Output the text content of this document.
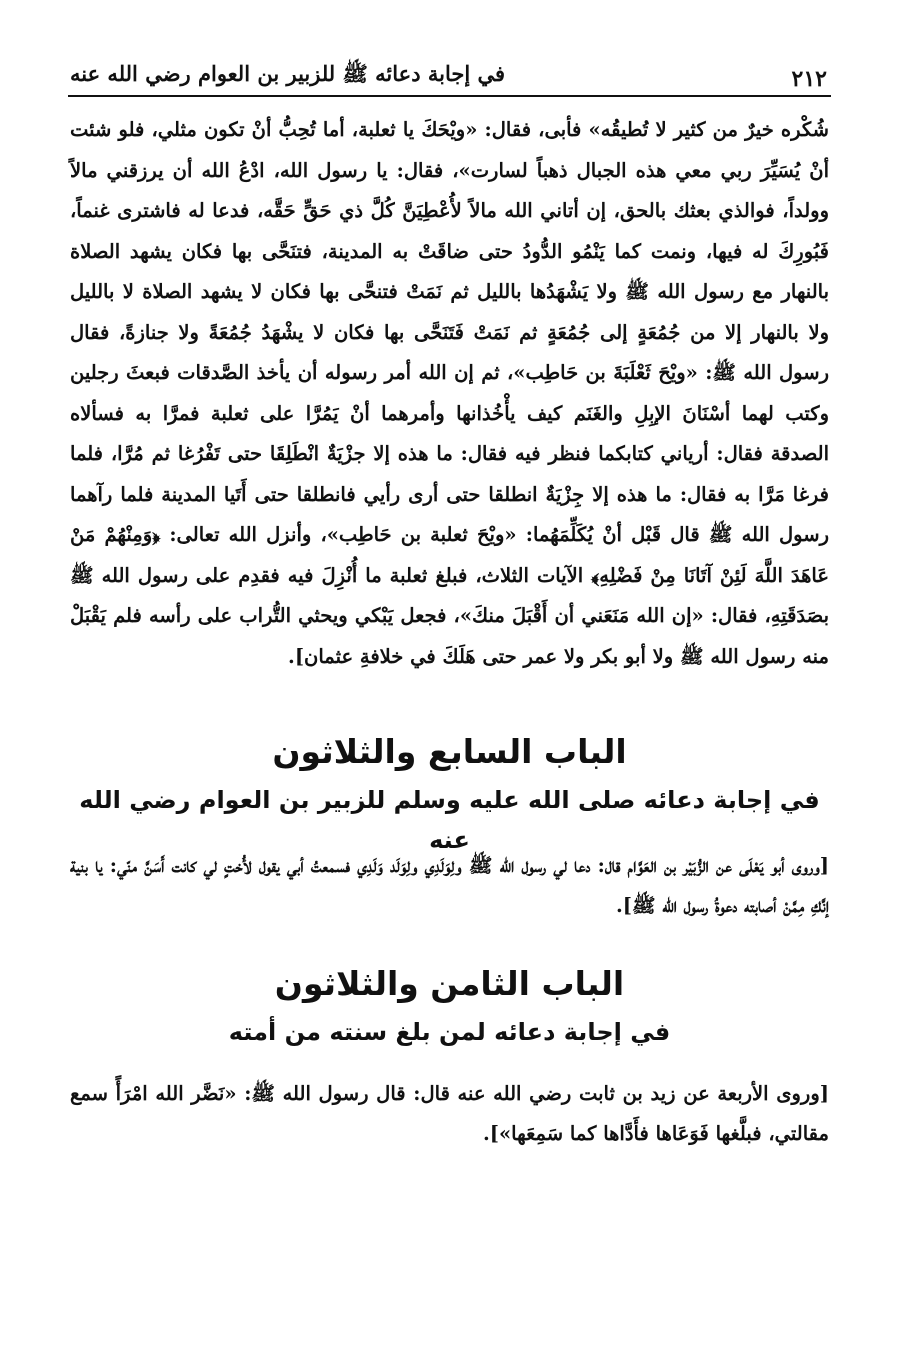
٢١٢
في إجابة دعائه ﷺ للزبير بن العوام رضي الله عنه

شُكْره خيرٌ من كثير لا تُطيقُه» فأبى، فقال: «ويْحَكَ يا ثعلبة، أما تُحِبُّ أنْ تكون مثلي، فلو شئت أنْ يُسَيِّرَ ربي معي هذه الجبال ذهباً لسارت»، فقال: يا رسول الله، ادْعُ الله أن يرزقني مالاً وولداً، فوالذي بعثك بالحق، إن أتاني الله مالاً لأُعْطِيَنَّ كُلَّ ذي حَقٍّ حَقَّه، فدعا له فاشترى غنماً، فَبُورِكَ له فيها، ونمت كما يَنْمُو الدُّودُ حتى ضاقَتْ به المدينة، فتنَحَّى بها فكان يشهد الصلاة بالنهار مع رسول الله ﷺ ولا يَشْهَدُها بالليل ثم نَمَتْ فتنحَّى بها فكان لا يشهد الصلاة لا بالليل ولا بالنهار إلا من جُمُعَةٍ إلى جُمُعَةٍ ثم نَمَتْ فَتَنَحَّى بها فكان لا يشْهَدُ جُمُعَةً ولا جنازةً، فقال رسول الله ﷺ: «ويْحَ ثَعْلَبَةَ بن حَاطِب»، ثم إن الله أمر رسوله أن يأخذ الصَّدقات فبعثَ رجلين وكتب لهما أسْنَانَ الإبِلِ والغَنَم كيف يأْخُذانها وأمرهما أنْ يَمُرَّا على ثعلبة فمرَّا به فسألاه الصدقة فقال: أرياني كتابكما فنظر فيه فقال: ما هذه إلا جزْيَةٌ انْطَلِقَا حتى تَفْرُغا ثم مُرَّا، فلما فرغا مَرَّا به فقال: ما هذه إلا جِزْيَةٌ انطلقا حتى أرى رأيي فانطلقا حتى أَتَيا المدينة فلما رآهما رسول الله ﷺ قال قَبْل أنْ يُكَلِّمَهُما: «ويْحَ ثعلبة بن حَاطِب»، وأنزل الله تعالى: ﴿وَمِنْهُمْ مَنْ عَاهَدَ اللَّهَ لَئِنْ آتَانَا مِنْ فَضْلِهِ﴾ الآيات الثلاث، فبلغ ثعلبة ما أُنْزِلَ فيه فقدِم على رسول الله ﷺ بصَدَقَتِهِ، فقال: «إن الله مَنَعَني أن أَقْبَلَ منكَ»، فجعل يَبْكي ويحثي التُّراب على رأسه فلم يَقْبَلْ منه رسول الله ﷺ ولا أبو بكر ولا عمر حتى هَلَكَ في خلافةِ عثمان].

الباب السابع والثلاثون
في إجابة دعائه صلى الله عليه وسلم للزبير بن العوام رضي الله عنه

[وروى أبو يَعْلَى عن الزُّبَيْر بن العَوَّام قال: دعا لي رسول الله ﷺ ولِوَلَدِي ولِوَلَد وَلَدِي فسمعتُ أبي يقول لأُختٍ لي كانت أَسَنَّ منّي: يا بنية إنَّكِ مِمَّنْ أصابته دعوةُ رسول الله ﷺ].

الباب الثامن والثلاثون
في إجابة دعائه لمن بلغ سنته من أمته

[وروى الأربعة عن زيد بن ثابت رضي الله عنه قال: قال رسول الله ﷺ: «نَضَّر الله امْرَأً سمع مقالتي، فبلَّغها فَوَعَاها فأَدَّاها كما سَمِعَها»].
